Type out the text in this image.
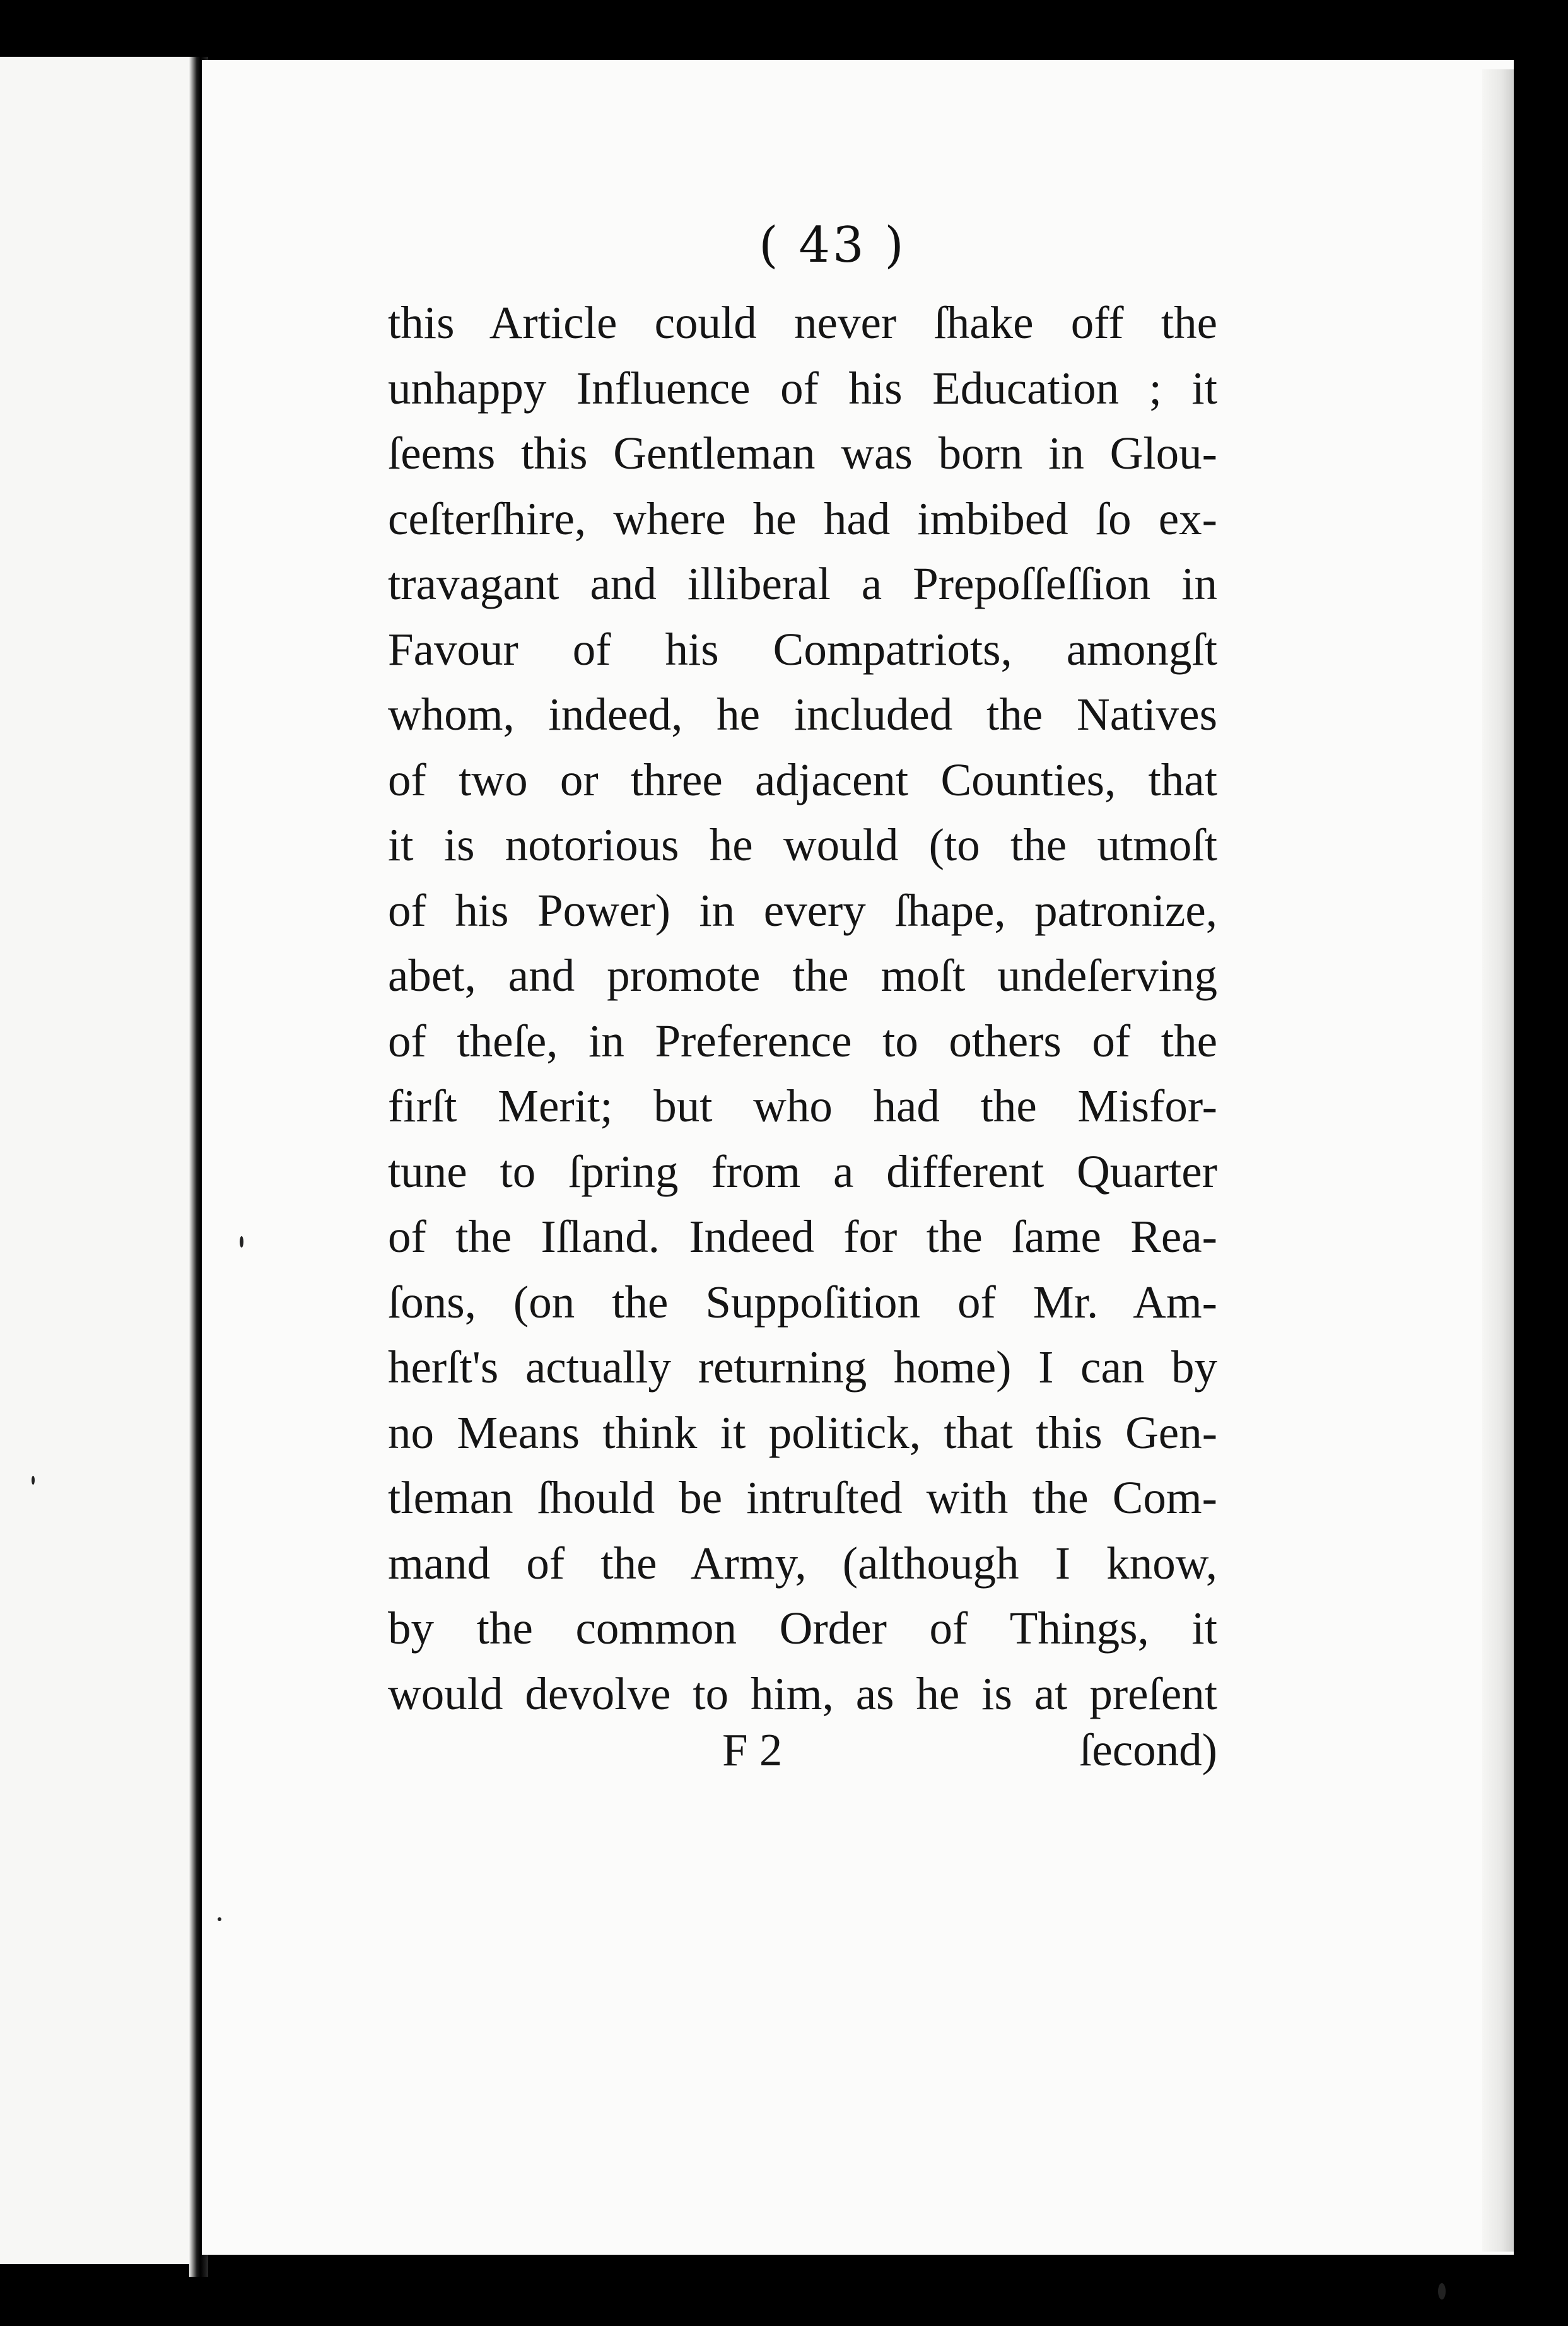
( 43 )
this Article could never ſhake off the
unhappy Influence of his Education ; it
ſeems this Gentleman was born in Glou-
ceſterſhire, where he had imbibed ſo ex-
travagant and illiberal a Prepoſſeſſion in
Favour of his Compatriots, amongſt
whom, indeed, he included the Natives
of two or three adjacent Counties, that
it is notorious he would (to the utmoſt
of his Power) in every ſhape, patronize,
abet, and promote the moſt undeſerving
of theſe, in Preference to others of the
firſt Merit; but who had the Misfor-
tune to ſpring from a different Quarter
of the Iſland. Indeed for the ſame Rea-
ſons, (on the Suppoſition of Mr. Am-
herſt's actually returning home) I can by
no Means think it politick, that this Gen-
tleman ſhould be intruſted with the Com-
mand of the Army, (although I know,
by the common Order of Things, it
would devolve to him, as he is at preſent
F 2	ſecond)
